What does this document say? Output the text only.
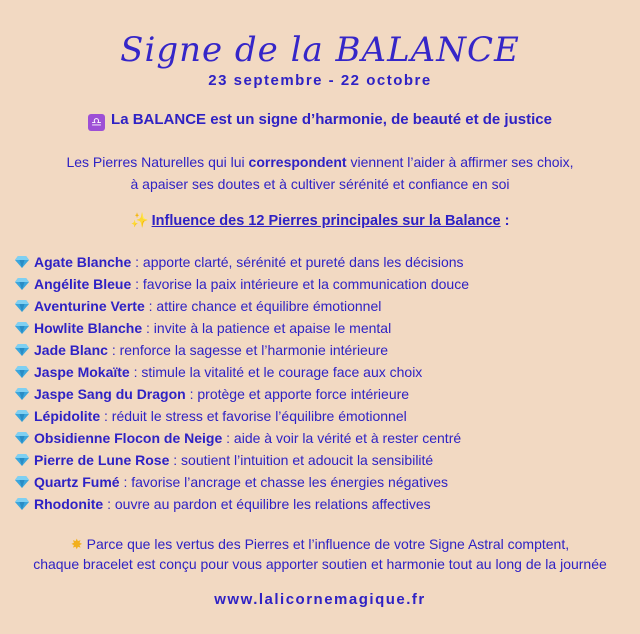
Signe de la BALANCE
23 septembre - 22 octobre
♎ La BALANCE est un signe d’harmonie, de beauté et de justice
Les Pierres Naturelles qui lui correspondent viennent l’aider à affirmer ses choix,
à apaiser ses doutes et à cultiver sérénité et confiance en soi
✨ Influence des 12 Pierres principales sur la Balance :
Agate Blanche : apporte clarté, sérénité et pureté dans les décisions
Angélite Bleue : favorise la paix intérieure et la communication douce
Aventurine Verte : attire chance et équilibre émotionnel
Howlite Blanche : invite à la patience et apaise le mental
Jade Blanc : renforce la sagesse et l’harmonie intérieure
Jaspe Mokaïte : stimule la vitalité et le courage face aux choix
Jaspe Sang du Dragon : protège et apporte force intérieure
Lépidolite : réduit le stress et favorise l’équilibre émotionnel
Obsidienne Flocon de Neige : aide à voir la vérité et à rester centré
Pierre de Lune Rose : soutient l’intuition et adoucit la sensibilité
Quartz Fumé : favorise l’ancrage et chasse les énergies négatives
Rhodonite : ouvre au pardon et équilibre les relations affectives
✸ Parce que les vertus des Pierres et l’influence de votre Signe Astral comptent,
chaque bracelet est conçu pour vous apporter soutien et harmonie tout au long de la journée
www.lalicornemagique.fr
